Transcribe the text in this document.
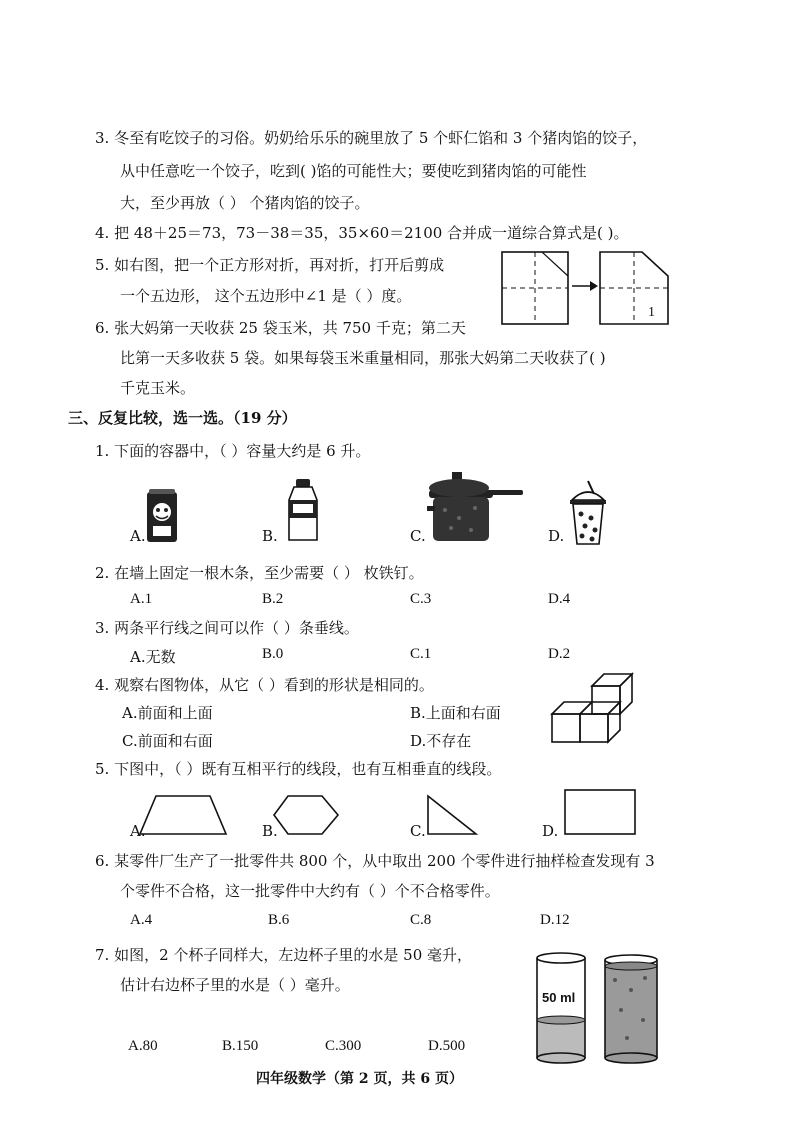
3. 冬至有吃饺子的习俗。奶奶给乐乐的碗里放了 5 个虾仁馅和 3 个猪肉馅的饺子，
从中任意吃一个饺子，吃到( )馅的可能性大；要使吃到猪肉馅的可能性
大，至少再放（ ） 个猪肉馅的饺子。
4. 把 48＋25＝73，73－38＝35，35×60＝2100 合并成一道综合算式是( )。
5. 如右图，把一个正方形对折，再对折，打开后剪成
一个五边形， 这个五边形中∠1 是（ ）度。
1
6. 张大妈第一天收获 25 袋玉米，共 750 千克；第二天
比第一天多收获 5 袋。如果每袋玉米重量相同，那张大妈第二天收获了( )
千克玉米。
三、反复比较，选一选。（19 分）
1. 下面的容器中，（ ）容量大约是 6 升。
A.	B.	C.	D.
2. 在墙上固定一根木条，至少需要（ ） 枚铁钉。
A.1	B.2	C.3	D.4
3. 两条平行线之间可以作（ ）条垂线。
A.无数	B.0	C.1	D.2
4. 观察右图物体，从它（ ）看到的形状是相同的。
A.前面和上面	B.上面和右面
C.前面和右面	D.不存在
5. 下图中，（ ）既有互相平行的线段，也有互相垂直的线段。
A.	B.	C.	D.
6. 某零件厂生产了一批零件共 800 个，从中取出 200 个零件进行抽样检查发现有 3
个零件不合格，这一批零件中大约有（ ）个不合格零件。
A.4	B.6	C.8	D.12
7. 如图，2 个杯子同样大，左边杯子里的水是 50 毫升，
估计右边杯子里的水是（ ）毫升。
50 ml
A.80	B.150	C.300	D.500
四年级数学（第 2 页，共 6 页）
